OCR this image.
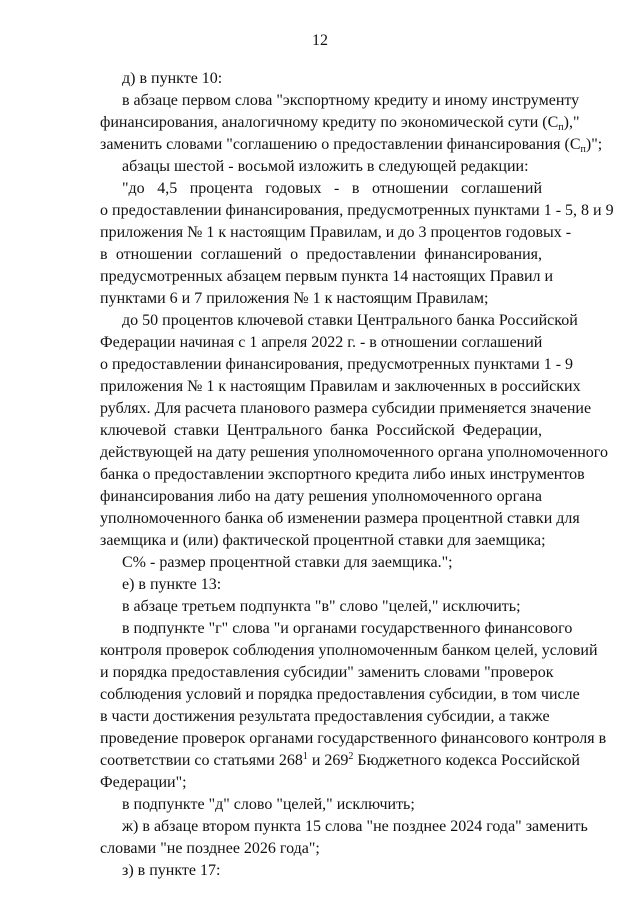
12
д) в пункте 10:
в абзаце первом слова "экспортному кредиту и иному инструменту
финансирования, аналогичному кредиту по экономической сути $(С_п)$,"
заменить словами "соглашению о предоставлении финансирования $(С_п)$";
абзацы шестой - восьмой изложить в следующей редакции:
"до 4,5 процента годовых - в отношении соглашений
о предоставлении финансирования, предусмотренных пунктами 1 - 5, 8 и 9
приложения № 1 к настоящим Правилам, и до 3 процентов годовых -
в отношении соглашений о предоставлении финансирования,
предусмотренных абзацем первым пункта 14 настоящих Правил и
пунктами 6 и 7 приложения № 1 к настоящим Правилам;
до 50 процентов ключевой ставки Центрального банка Российской
Федерации начиная с 1 апреля 2022 г. - в отношении соглашений
о предоставлении финансирования, предусмотренных пунктами 1 - 9
приложения № 1 к настоящим Правилам и заключенных в российских
рублях. Для расчета планового размера субсидии применяется значение
ключевой ставки Центрального банка Российской Федерации,
действующей на дату решения уполномоченного органа уполномоченного
банка о предоставлении экспортного кредита либо иных инструментов
финансирования либо на дату решения уполномоченного органа
уполномоченного банка об изменении размера процентной ставки для
заемщика и (или) фактической процентной ставки для заемщика;
С% - размер процентной ставки для заемщика.";
е) в пункте 13:
в абзаце третьем подпункта "в" слово "целей," исключить;
в подпункте "г" слова "и органами государственного финансового
контроля проверок соблюдения уполномоченным банком целей, условий
и порядка предоставления субсидии" заменить словами "проверок
соблюдения условий и порядка предоставления субсидии, в том числе
в части достижения результата предоставления субсидии, а также
проведение проверок органами государственного финансового контроля в
соответствии со статьями $268^1$ и $269^2$ Бюджетного кодекса Российской
Федерации";
в подпункте "д" слово "целей," исключить;
ж) в абзаце втором пункта 15 слова "не позднее 2024 года" заменить
словами "не позднее 2026 года";
з) в пункте 17:
